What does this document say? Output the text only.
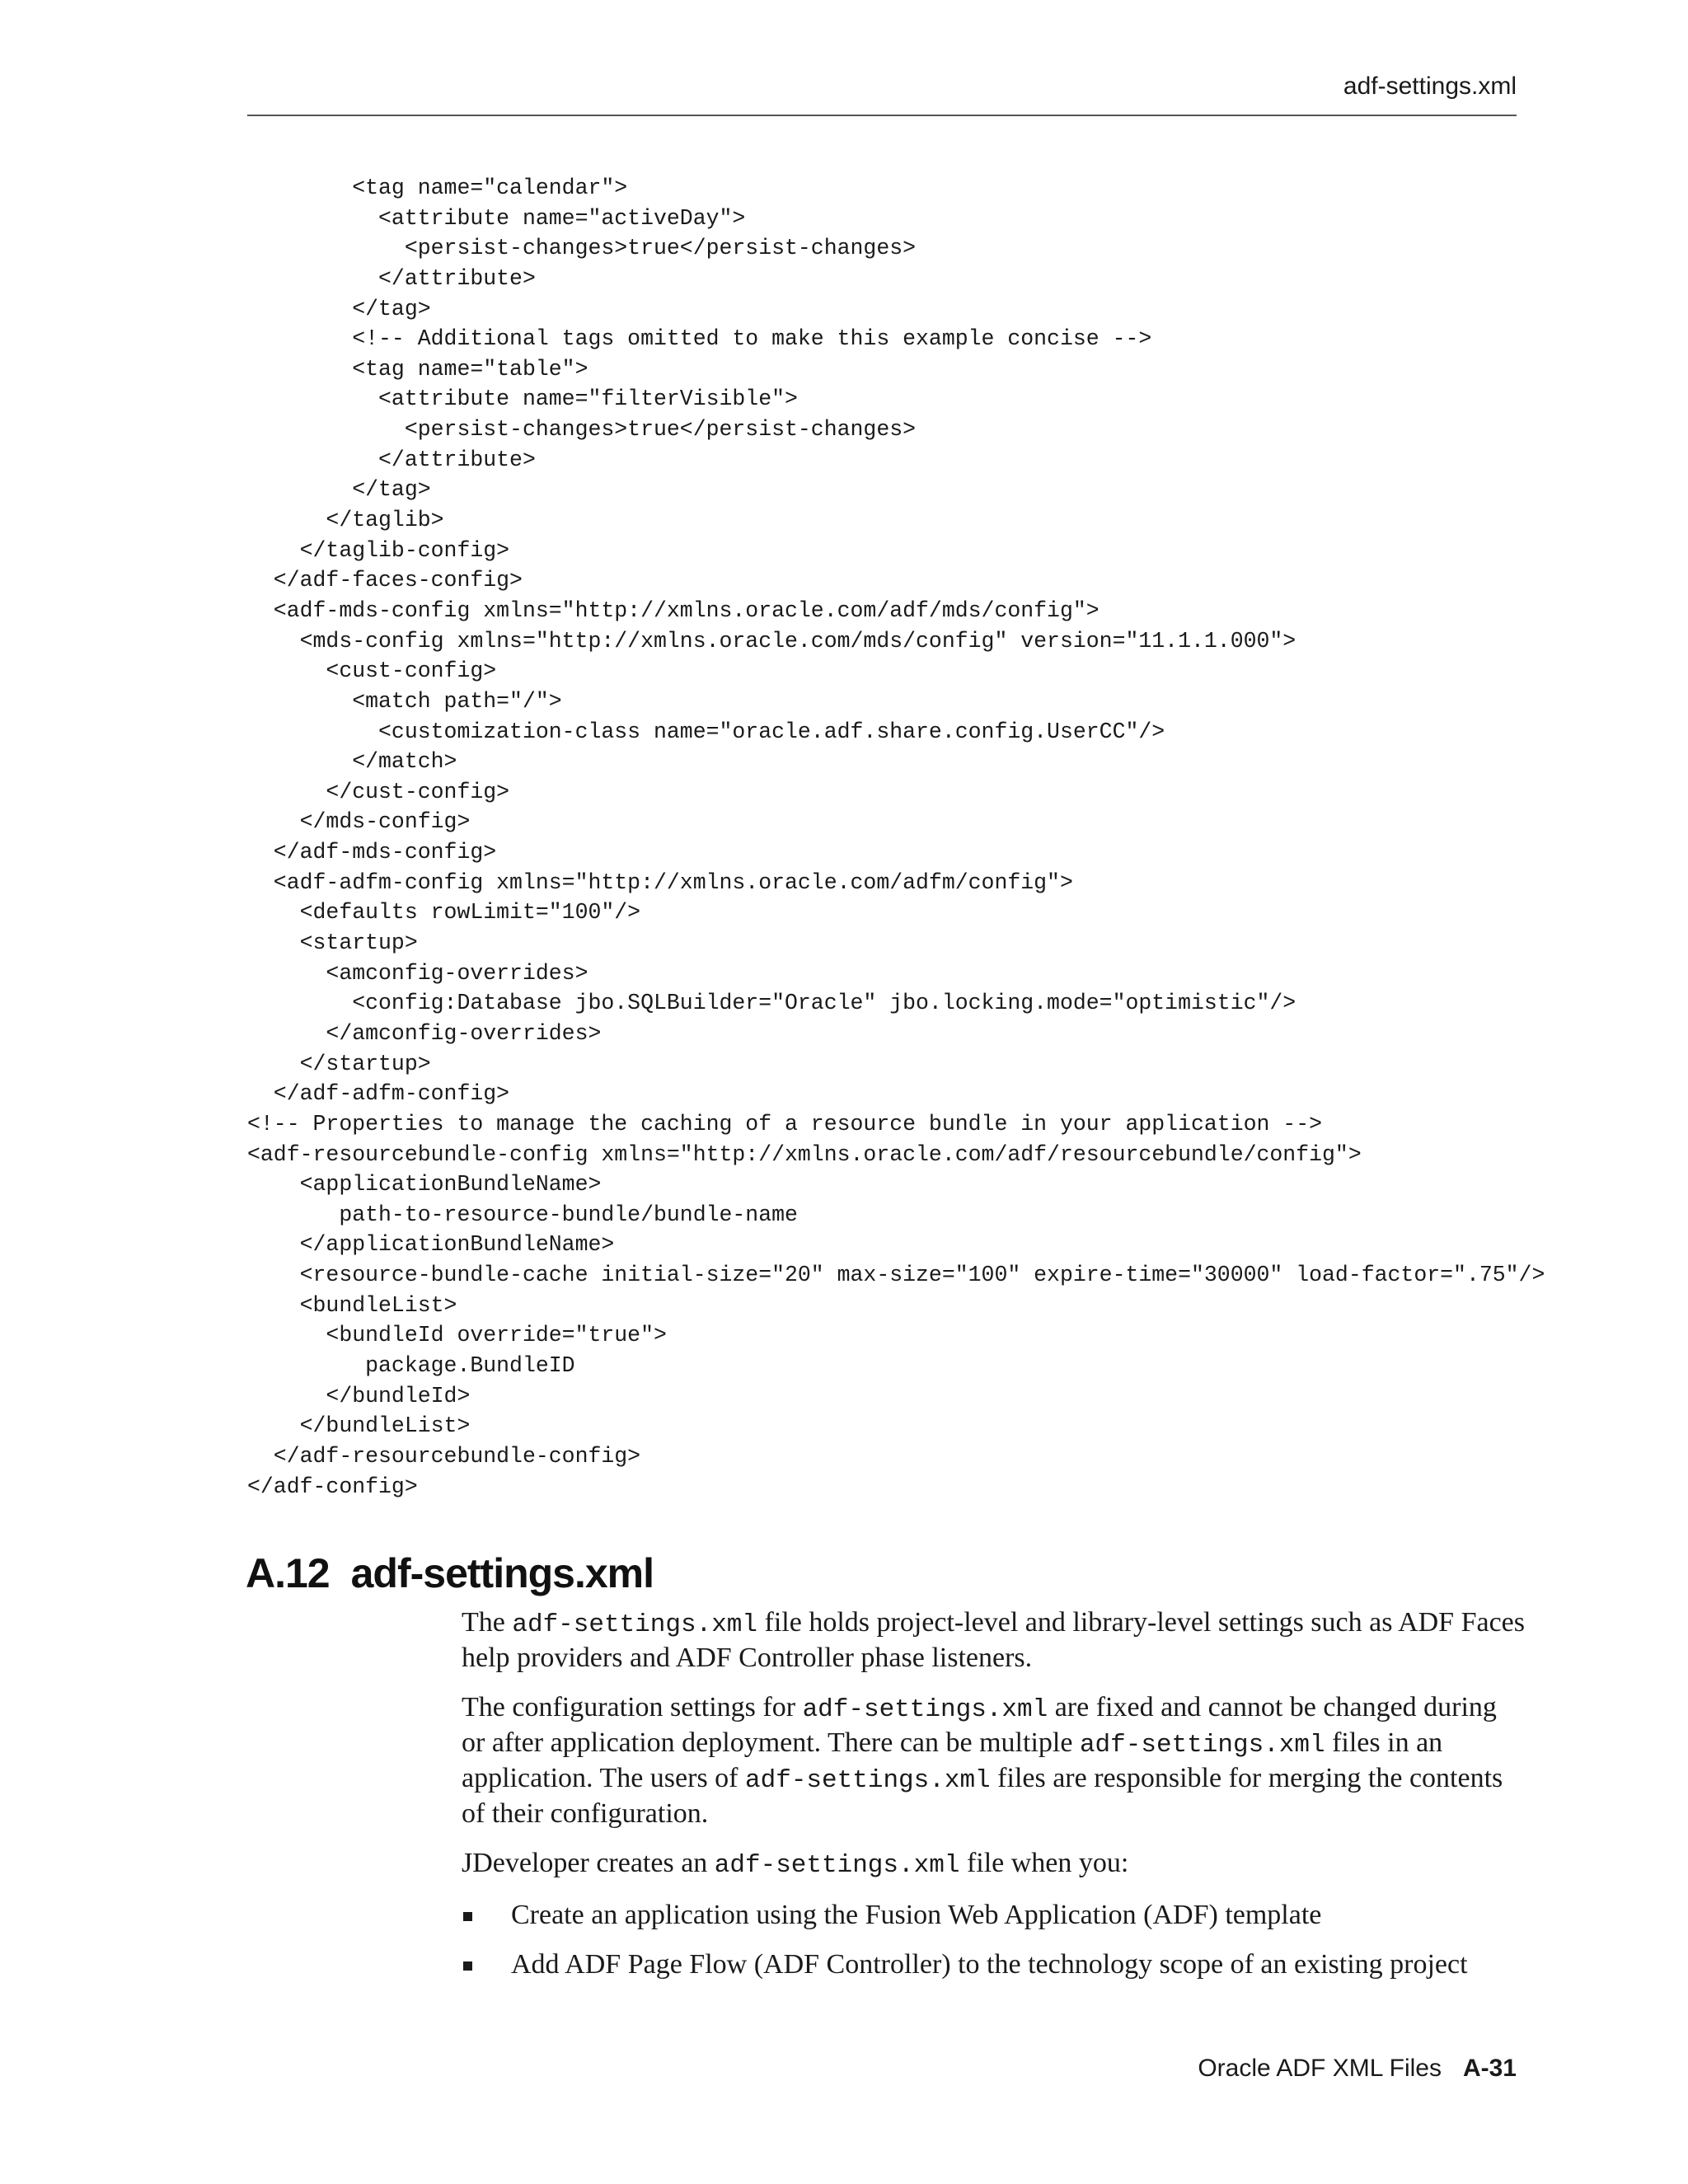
adf-settings.xml
<tag name="calendar">
<attribute name="activeDay">
<persist-changes>true</persist-changes>
</attribute>
</tag>
<!-- Additional tags omitted to make this example concise -->
<tag name="table">
<attribute name="filterVisible">
<persist-changes>true</persist-changes>
</attribute>
</tag>
</taglib>
</taglib-config>
</adf-faces-config>
<adf-mds-config xmlns="http://xmlns.oracle.com/adf/mds/config">
<mds-config xmlns="http://xmlns.oracle.com/mds/config" version="11.1.1.000">
<cust-config>
<match path="/">
<customization-class name="oracle.adf.share.config.UserCC"/>
</match>
</cust-config>
</mds-config>
</adf-mds-config>
<adf-adfm-config xmlns="http://xmlns.oracle.com/adfm/config">
<defaults rowLimit="100"/>
<startup>
<amconfig-overrides>
<config:Database jbo.SQLBuilder="Oracle" jbo.locking.mode="optimistic"/>
</amconfig-overrides>
</startup>
</adf-adfm-config>
<!-- Properties to manage the caching of a resource bundle in your application -->
<adf-resourcebundle-config xmlns="http://xmlns.oracle.com/adf/resourcebundle/config">
<applicationBundleName>
path-to-resource-bundle/bundle-name
</applicationBundleName>
<resource-bundle-cache initial-size="20" max-size="100" expire-time="30000" load-factor=".75"/>
<bundleList>
<bundleId override="true">
package.BundleID
</bundleId>
</bundleList>
</adf-resourcebundle-config>
</adf-config>
A.12 adf-settings.xml

The adf-settings.xml file holds project-level and library-level settings such as ADF Faces help providers and ADF Controller phase listeners.

The configuration settings for adf-settings.xml are fixed and cannot be changed during or after application deployment. There can be multiple adf-settings.xml files in an application. The users of adf-settings.xml files are responsible for merging the contents of their configuration.

JDeveloper creates an adf-settings.xml file when you:

Create an application using the Fusion Web Application (ADF) template
Add ADF Page Flow (ADF Controller) to the technology scope of an existing project
Oracle ADF XML Files A-31
